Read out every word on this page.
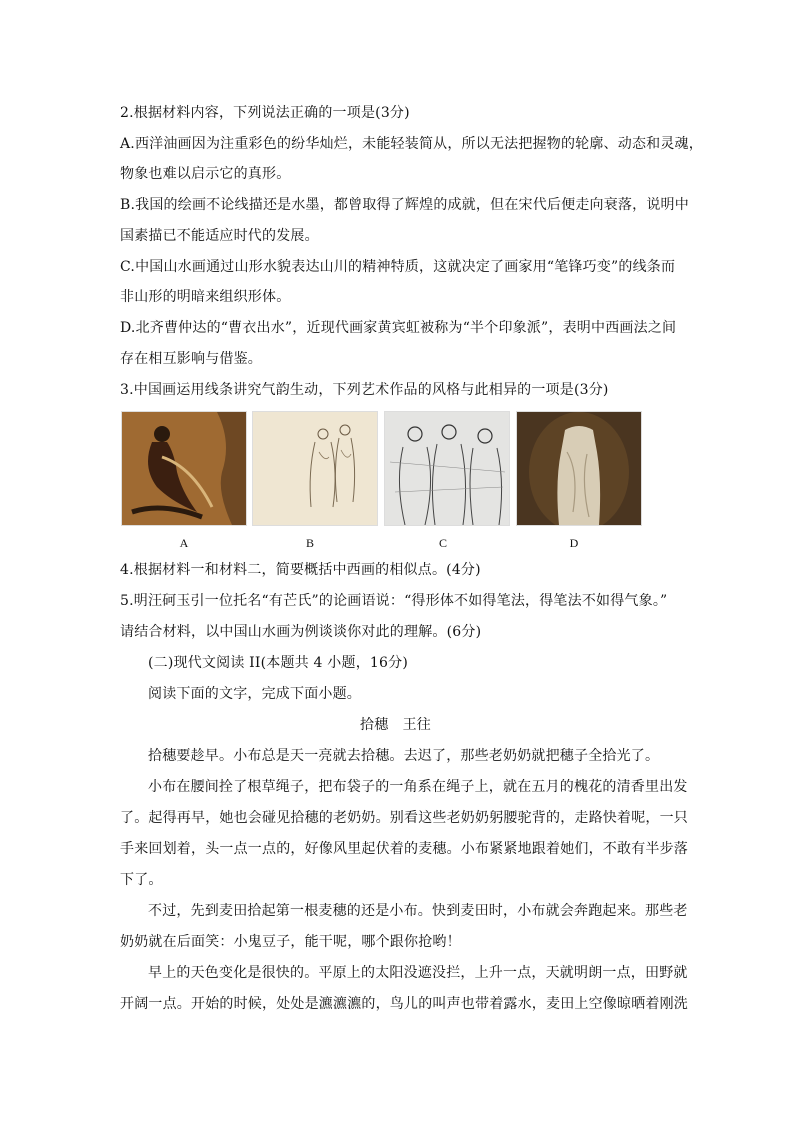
2.根据材料内容，下列说法正确的一项是(3分)
A.西洋油画因为注重彩色的纷华灿烂，未能轻装简从，所以无法把握物的轮廓、动态和灵魂，
物象也难以启示它的真形。
B.我国的绘画不论线描还是水墨，都曾取得了辉煌的成就，但在宋代后便走向衰落，说明中
国素描已不能适应时代的发展。
C.中国山水画通过山形水貌表达山川的精神特质，这就决定了画家用“笔锋巧变”的线条而
非山形的明暗来组织形体。
D.北齐曹仲达的“曹衣出水”，近现代画家黄宾虹被称为“半个印象派”，表明中西画法之间
存在相互影响与借鉴。
3.中国画运用线条讲究气韵生动，下列艺术作品的风格与此相异的一项是(3分)
A	B	C	D
4.根据材料一和材料二，简要概括中西画的相似点。(4分)
5.明汪砢玉引一位托名“有芒氏”的论画语说：“得形体不如得笔法，得笔法不如得气象。”
请结合材料，以中国山水画为例谈谈你对此的理解。(6分)
(二)现代文阅读 II(本题共 4 小题，16分)
阅读下面的文字，完成下面小题。
拾穗　王往
拾穗要趁早。小布总是天一亮就去拾穗。去迟了，那些老奶奶就把穗子全拾光了。
小布在腰间拴了根草绳子，把布袋子的一角系在绳子上，就在五月的槐花的清香里出发
了。起得再早，她也会碰见拾穗的老奶奶。别看这些老奶奶躬腰驼背的，走路快着呢，一只
手来回划着，头一点一点的，好像风里起伏着的麦穗。小布紧紧地跟着她们，不敢有半步落
下了。
不过，先到麦田拾起第一根麦穗的还是小布。快到麦田时，小布就会奔跑起来。那些老
奶奶就在后面笑：小鬼豆子，能干呢，哪个跟你抢哟！
早上的天色变化是很快的。平原上的太阳没遮没拦，上升一点，天就明朗一点，田野就
开阔一点。开始的时候，处处是瀌瀌瀌的，鸟儿的叫声也带着露水，麦田上空像晾晒着刚洗
